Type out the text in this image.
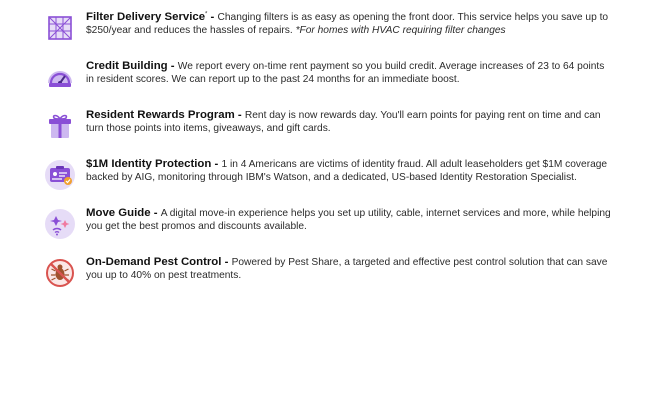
Filter Delivery Service* - Changing filters is as easy as opening the front door. This service helps you save up to $250/year and reduces the hassles of repairs. *For homes with HVAC requiring filter changes
Credit Building - We report every on-time rent payment so you build credit. Average increases of 23 to 64 points in resident scores. We can report up to the past 24 months for an immediate boost.
Resident Rewards Program - Rent day is now rewards day. You'll earn points for paying rent on time and can turn those points into items, giveaways, and gift cards.
$1M Identity Protection - 1 in 4 Americans are victims of identity fraud. All adult leaseholders get $1M coverage backed by AIG, monitoring through IBM's Watson, and a dedicated, US-based Identity Restoration Specialist.
Move Guide - A digital move-in experience helps you set up utility, cable, internet services and more, while helping you get the best promos and discounts available.
On-Demand Pest Control - Powered by Pest Share, a targeted and effective pest control solution that can save you up to 40% on pest treatments.
